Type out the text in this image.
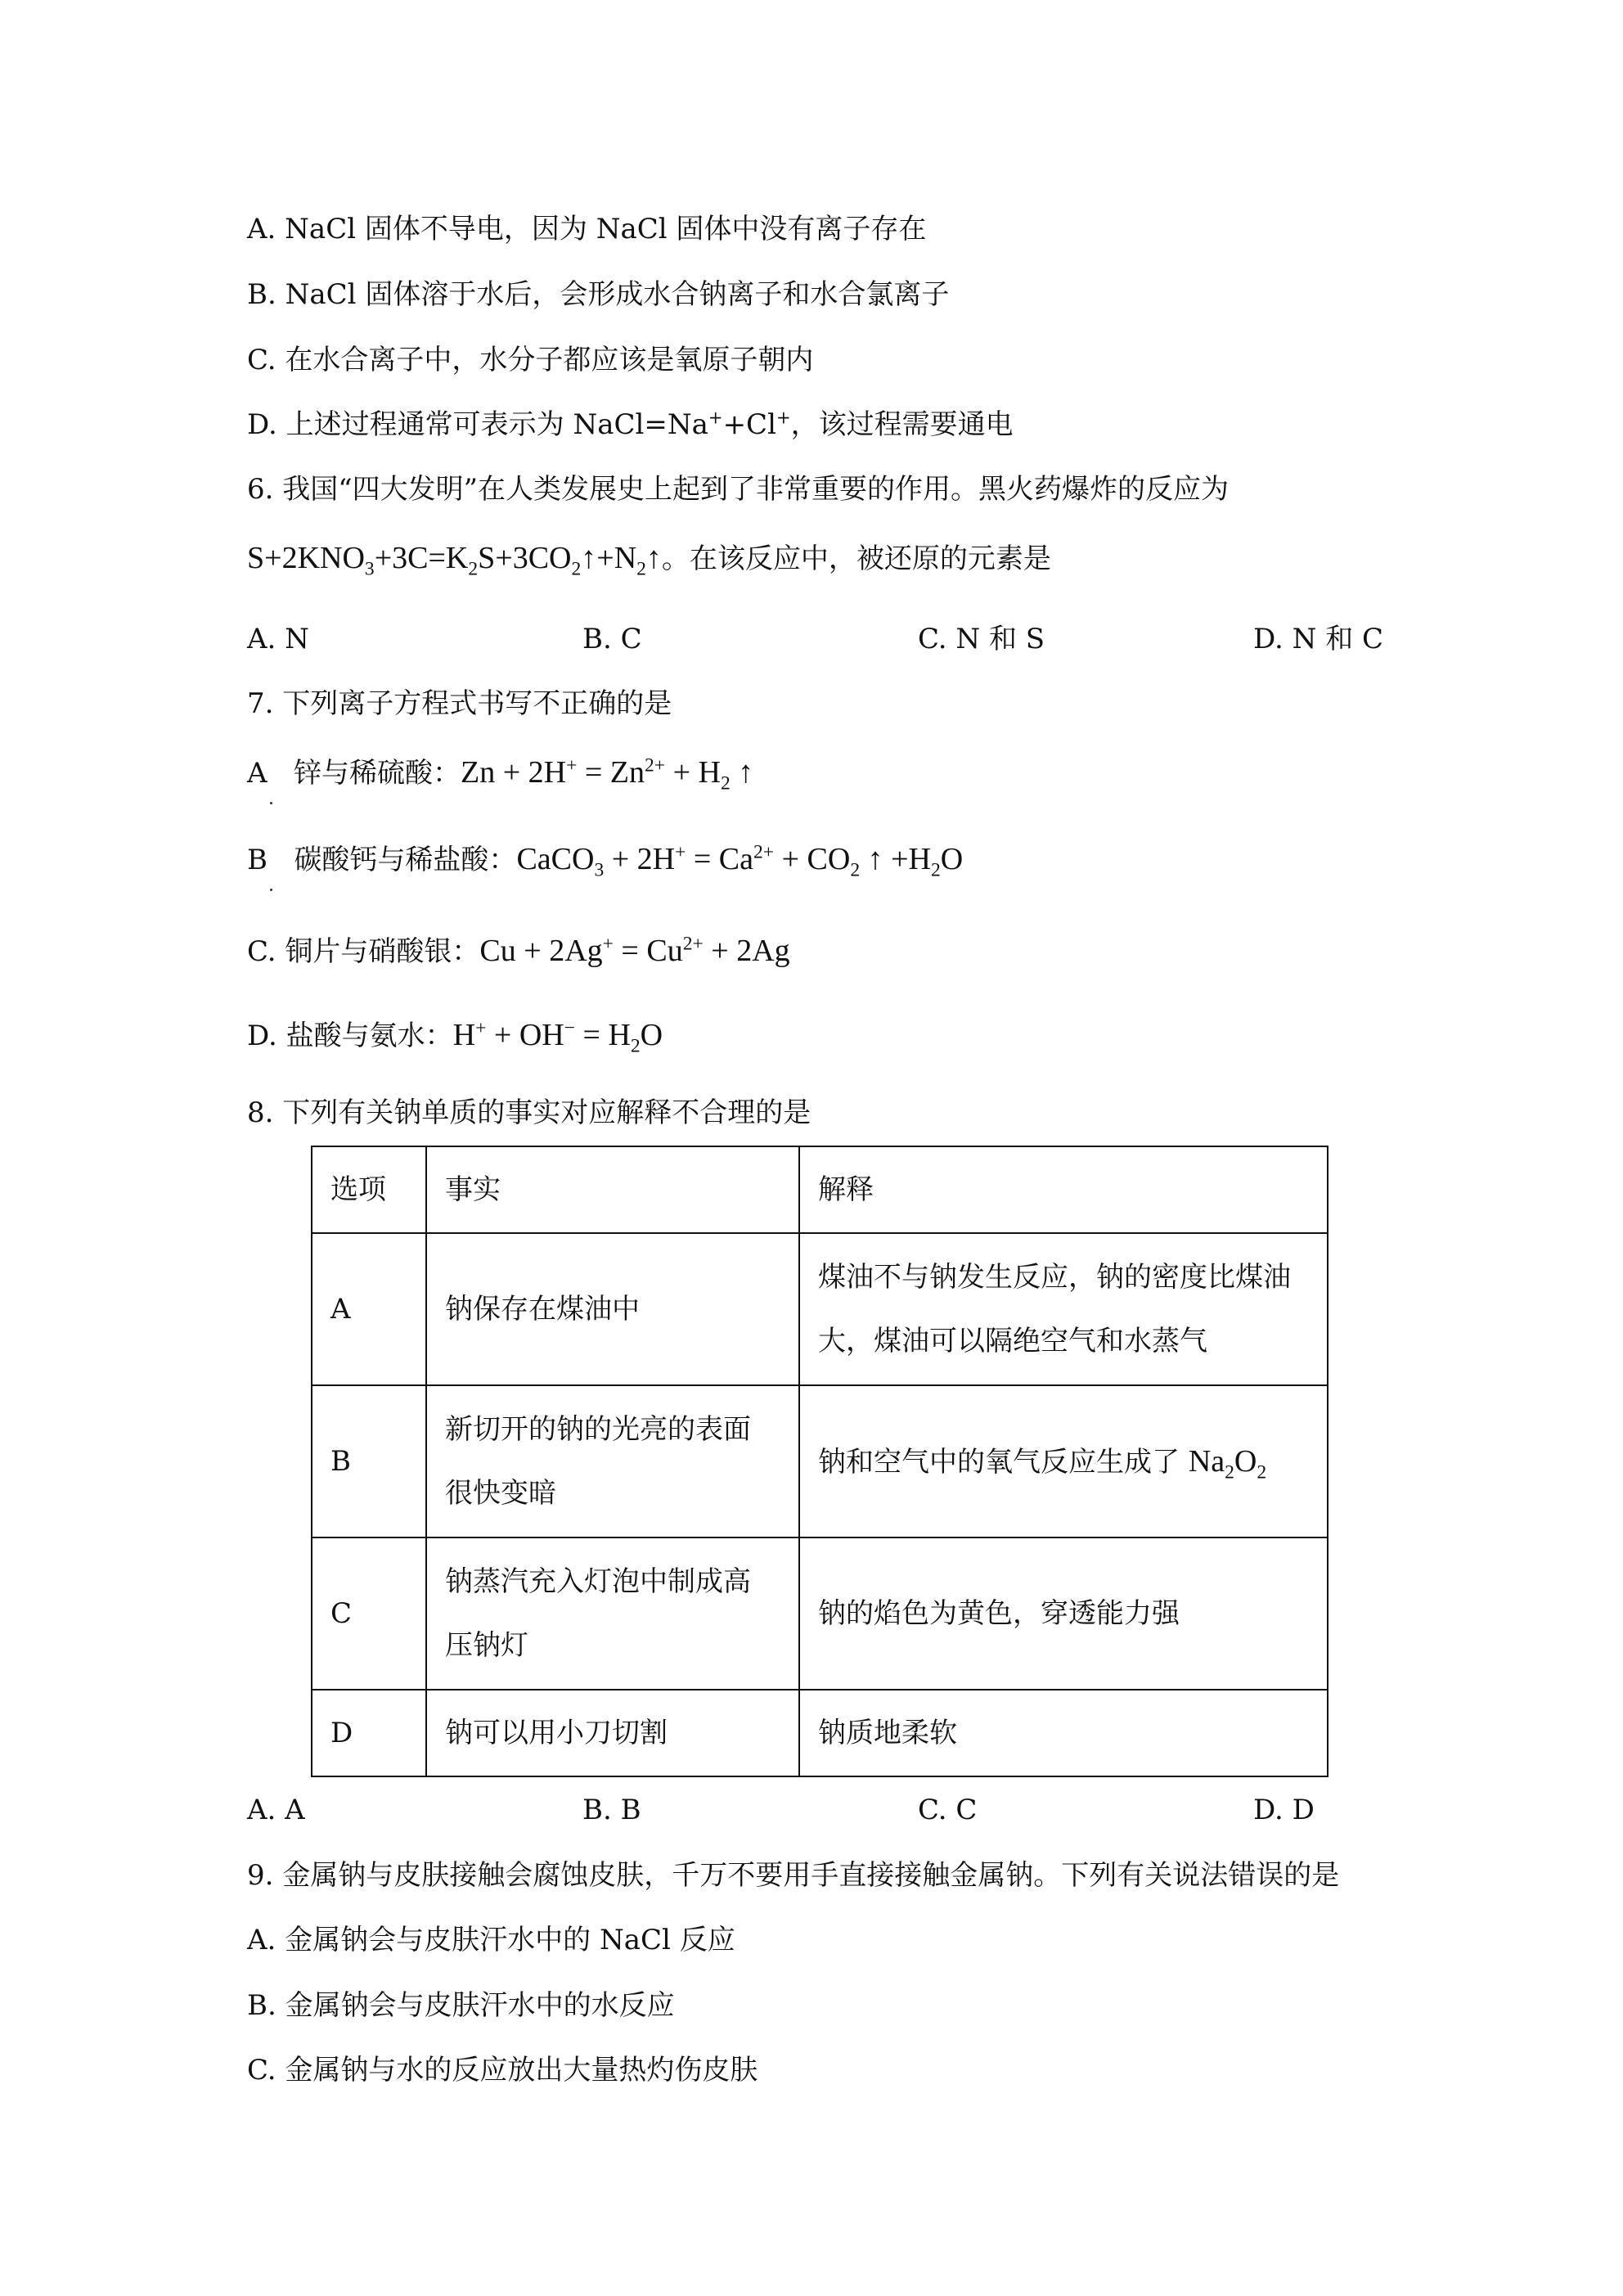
A. NaCl 固体不导电，因为 NaCl 固体中没有离子存在
B. NaCl 固体溶于水后，会形成水合钠离子和水合氯离子
C. 在水合离子中，水分子都应该是氧原子朝内
D. 上述过程通常可表示为 NaCl=Na++Cl+，该过程需要通电
6. 我国“四大发明”在人类发展史上起到了非常重要的作用。黑火药爆炸的反应为
$S+2KNO_3+3C=K_2S+3CO_2↑+N_2↑$。在该反应中，被还原的元素是
A. N	B. C	C. N 和 S	D. N 和 C
7. 下列离子方程式书写不正确的是
A 锌与稀硫酸：$Zn + 2H^+ = Zn^{2+} + H_2$ ↑
B 碳酸钙与稀盐酸：CaCO$_3$ + $2H^+ = Ca^{2+} + CO_2$ ↑ $+H_2O$
C. 铜片与硝酸银：$Cu + 2Ag^+ = Cu^{2+} + 2Ag$
D. 盐酸与氨水：$H^+ + OH^- = H_2O$
8. 下列有关钠单质的事实对应解释不合理的是
选项	事实	解释
A	钠保存在煤油中	煤油不与钠发生反应，钠的密度比煤油
大，煤油可以隔绝空气和水蒸气

B	新切开的钠的光亮的表面
很快变暗	钠和空气中的氧气反应生成了 $Na_2O_2$
C	钠蒸汽充入灯泡中制成高
压钠灯	钠的焰色为黄色，穿透能力强
D	钠可以用小刀切割	钠质地柔软
A. A	B. B	C. C	D. D
9. 金属钠与皮肤接触会腐蚀皮肤，千万不要用手直接接触金属钠。下列有关说法错误的是
A. 金属钠会与皮肤汗水中的 NaCl 反应
B. 金属钠会与皮肤汗水中的水反应
C. 金属钠与水的反应放出大量热灼伤皮肤
